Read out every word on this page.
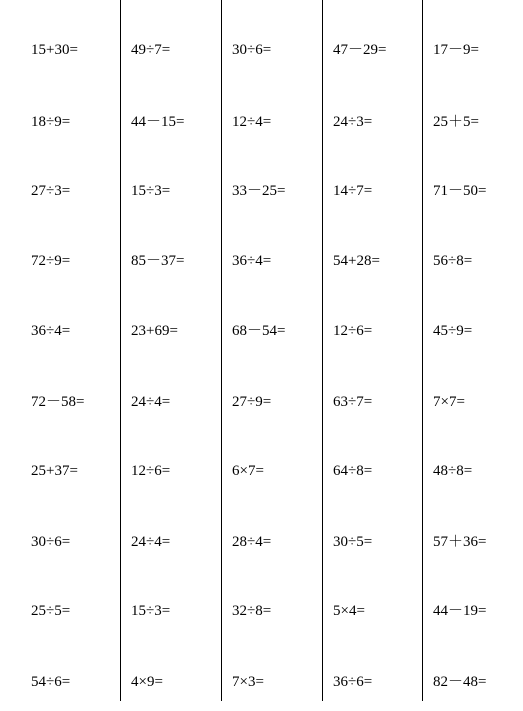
15+30=
18÷9=
27÷3=
72÷9=
36÷4=
72－58=
25+37=
30÷6=
25÷5=
54÷6=
49÷7=
44－15=
15÷3=
85－37=
23+69=
24÷4=
12÷6=
24÷4=
15÷3=
4×9=
30÷6=
12÷4=
33－25=
36÷4=
68－54=
27÷9=
6×7=
28÷4=
32÷8=
7×3=
47－29=
24÷3=
14÷7=
54+28=
12÷6=
63÷7=
64÷8=
30÷5=
5×4=
36÷6=
17－9=
25＋5=
71－50=
56÷8=
45÷9=
7×7=
48÷8=
57＋36=
44－19=
82－48=
